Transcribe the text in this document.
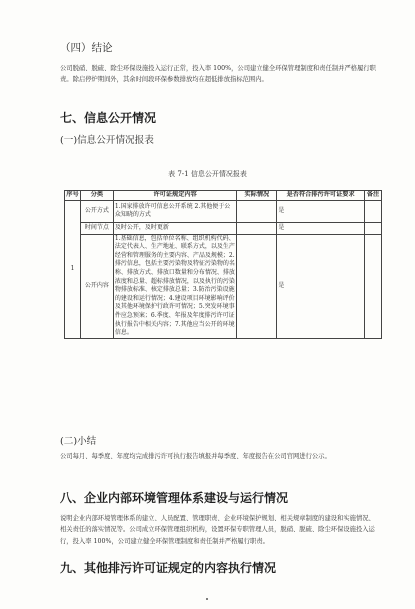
（四）结论
公司脱硝、脱硫、除尘环保设施投入运行正常，投入率 100%，公司建立健全环保管理制度和责任制并严格履行职责。除启停炉期间外，其余时间段环保参数排放均在超低排放指标范围内。
七、信息公开情况
(一)信息公开情况报表
表 7-1 信息公开情况报表
序号	分类	许可证规定内容	实际情况	是否符合排污许可证要求	备注
1	公开方式	1.国家排放许可信息公开系统 2.其他便于公众知晓的方式		是	
	时间节点	及时公开，及时更新		是	
	公开内容	1.基础信息，包括单位名称、组织机构代码、法定代表人、生产地址、联系方式，以及生产经营和管理服务的主要内容、产品及规模；2.排污信息，包括主要污染物及特征污染物的名称、排放方式、排放口数量和分布情况、排放浓度和总量、超标排放情况，以及执行的污染物排放标准、核定排放总量；3.防治污染设施的建设和运行情况；4.建设项目环境影响评价及其他环境保护行政许可情况；5.突发环境事件应急预案；6.季度、年报及年度排污许可证执行报告中相关内容；7.其他应当公开的环境信息。		是	
(二)小结
公司每月、每季度、年度均完成排污许可执行报告填报并每季度、年度报告在公司官网进行公示。
八、企业内部环境管理体系建设与运行情况
说明企业内部环境管理体系的建立、人员配置、管理职责、企业环境保护规划、相关规章制度的建设和实施情况、相关责任的落实情况等。公司成立环保管理组织机构，设置环保专职管理人员，脱硝、脱硫、除尘环保设施投入运行，投入率 100%，公司建立健全环保管理制度和责任制并严格履行职责。
九、其他排污许可证规定的内容执行情况
